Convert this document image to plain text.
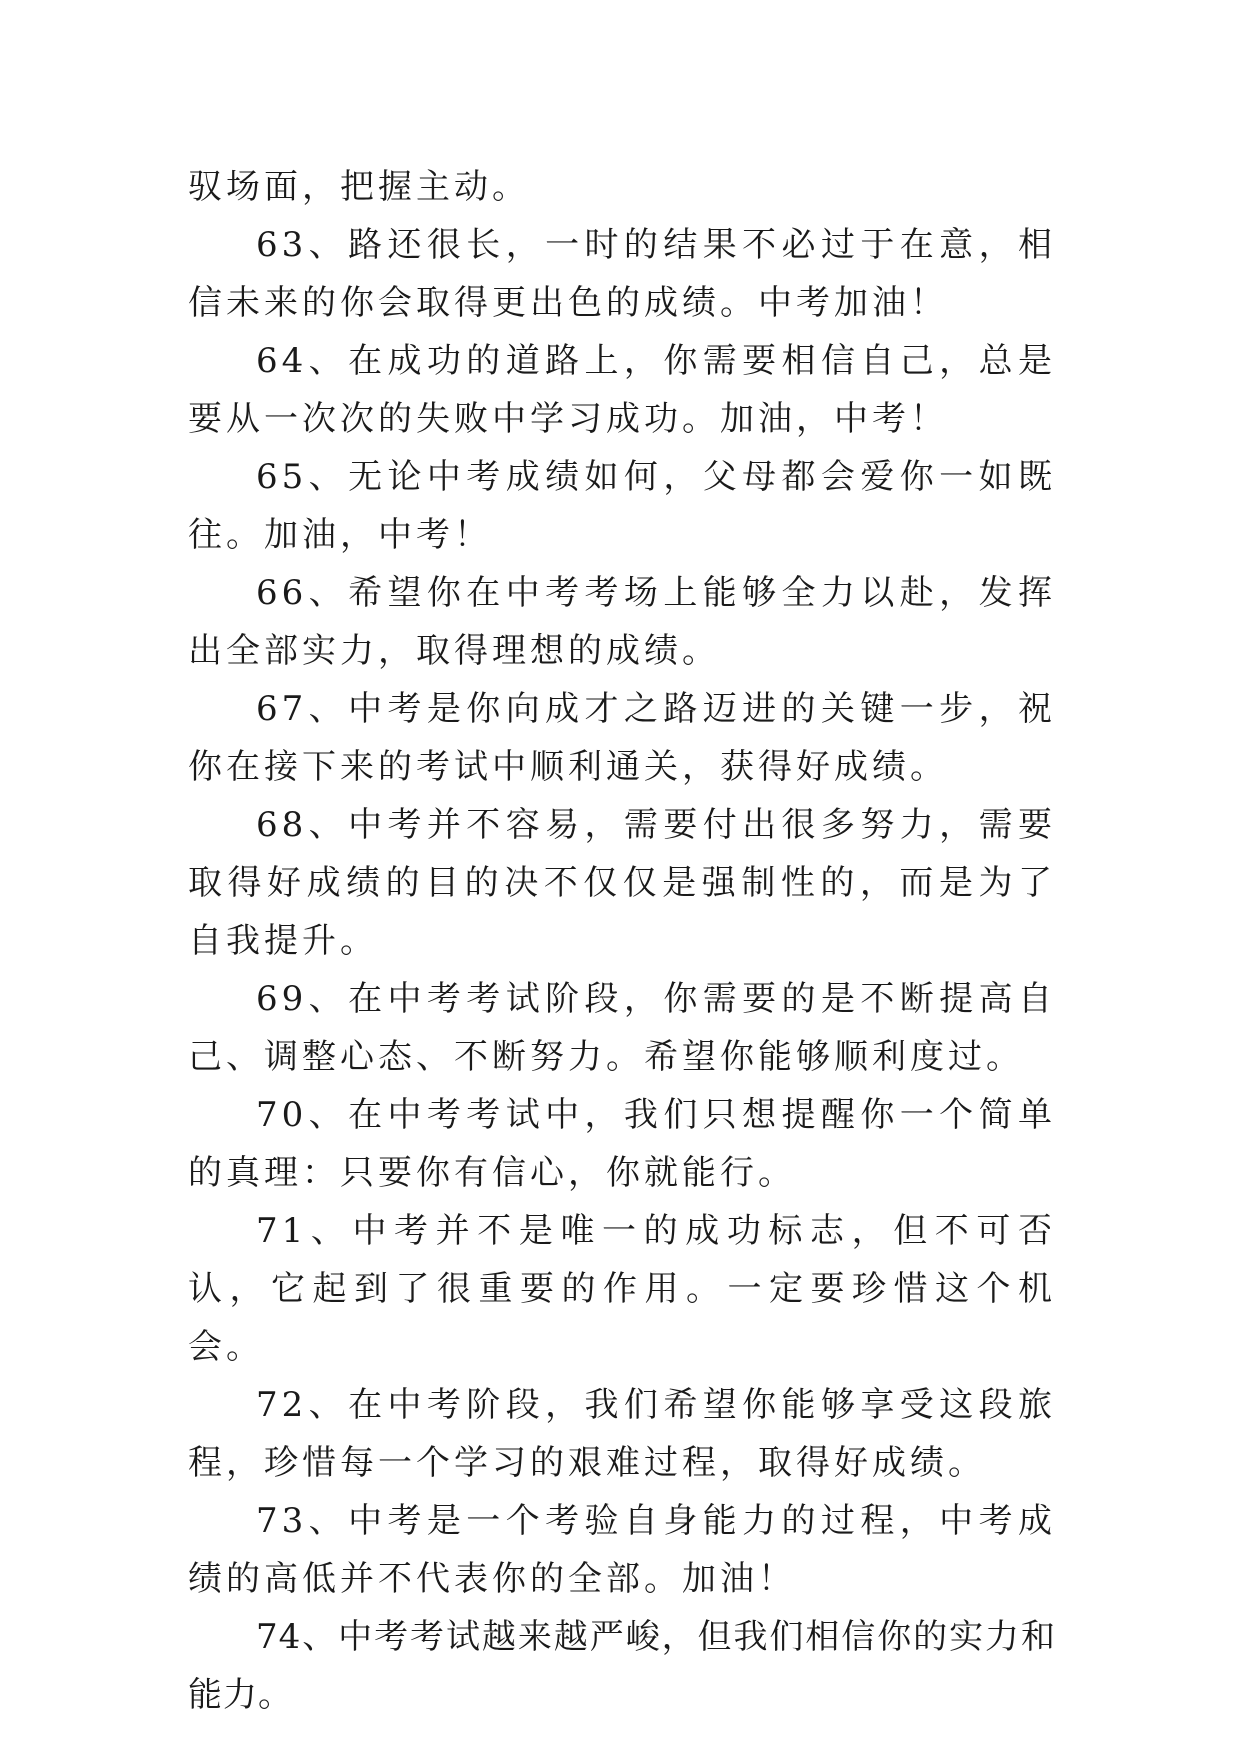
驭场面，把握主动。

63、路还很长，一时的结果不必过于在意，相信未来的你会取得更出色的成绩。中考加油！

64、在成功的道路上，你需要相信自己，总是要从一次次的失败中学习成功。加油，中考！

65、无论中考成绩如何，父母都会爱你一如既往。加油，中考！

66、希望你在中考考场上能够全力以赴，发挥出全部实力，取得理想的成绩。

67、中考是你向成才之路迈进的关键一步，祝你在接下来的考试中顺利通关，获得好成绩。

68、中考并不容易，需要付出很多努力，需要取得好成绩的目的决不仅仅是强制性的，而是为了自我提升。

69、在中考考试阶段，你需要的是不断提高自己、调整心态、不断努力。希望你能够顺利度过。

70、在中考考试中，我们只想提醒你一个简单的真理：只要你有信心，你就能行。

71、中考并不是唯一的成功标志，但不可否认，它起到了很重要的作用。一定要珍惜这个机会。

72、在中考阶段，我们希望你能够享受这段旅程，珍惜每一个学习的艰难过程，取得好成绩。

73、中考是一个考验自身能力的过程，中考成绩的高低并不代表你的全部。加油！

74、中考考试越来越严峻，但我们相信你的实力和能力。
